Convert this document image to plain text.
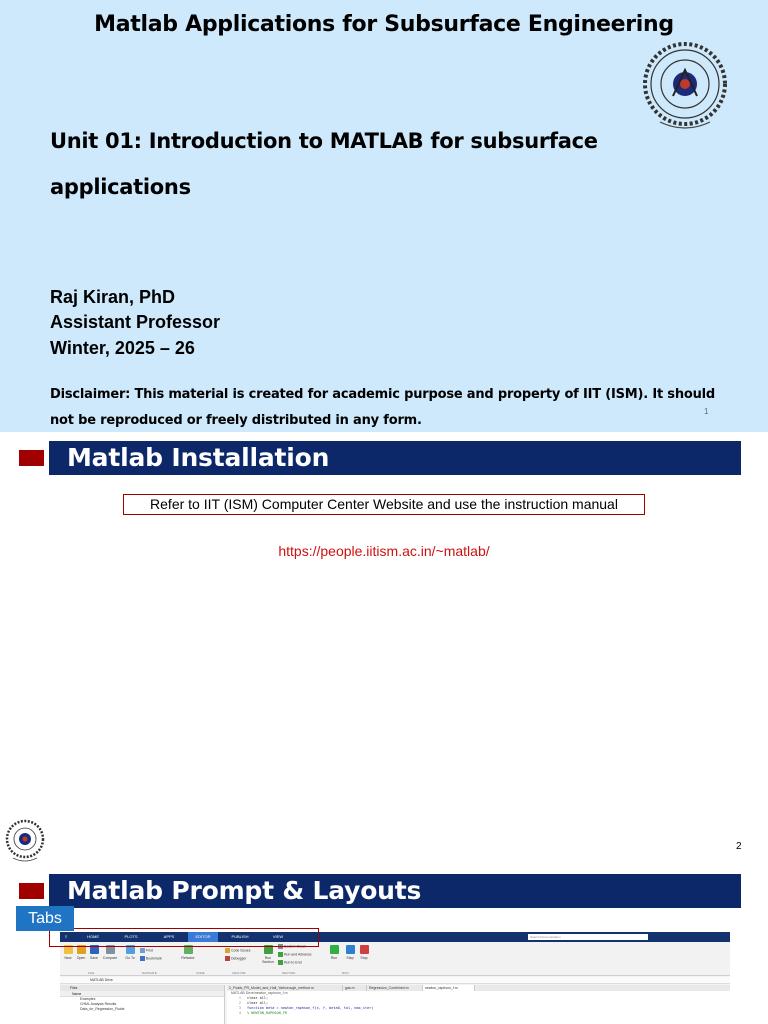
Matlab Applications for Subsurface Engineering
Unit 01: Introduction to MATLAB for subsurface
applications
Raj Kiran, PhD
Assistant Professor
Winter, 2025 – 26
Disclaimer: This material is created for academic purpose and property of IIT (ISM). It should not be reproduced or freely distributed in any form.
1
Matlab Installation
Refer to IIT (ISM) Computer Center Website and use the instruction manual
https://people.iitism.ac.in/~matlab/
2
Matlab Prompt & Layouts
≡	HOME	PLOTS	APPS	EDITOR	PUBLISH	VIEW	Search Documentation
New	Open	Save	Compare	Go To
Find
Bookmark	Refactor
Code Issues
Debugger	Run Section
Section Break
Run and Advance
Run to End
Run	Step	Stop
FILE	NAVIGATE	CODE	ANALYZE	SECTION	RUN
MATLAB Drive
Files
Name
Examples
CHML Analysis Results
Data_for_Regression_Fluids
2_Fluids_PR_Model_and_Hall_Yarborough_method.m	gas.m	Regression_Combined.m	newton_raphson_f.m
MATLAB Drive/newton_raphson_f.m
1 clear all;
2 clear all;
3 function beta = newton_raphson_f(x, f, beta0, tol, max_iter)
4 % NEWTON_RAPHSON_FR
Tabs
